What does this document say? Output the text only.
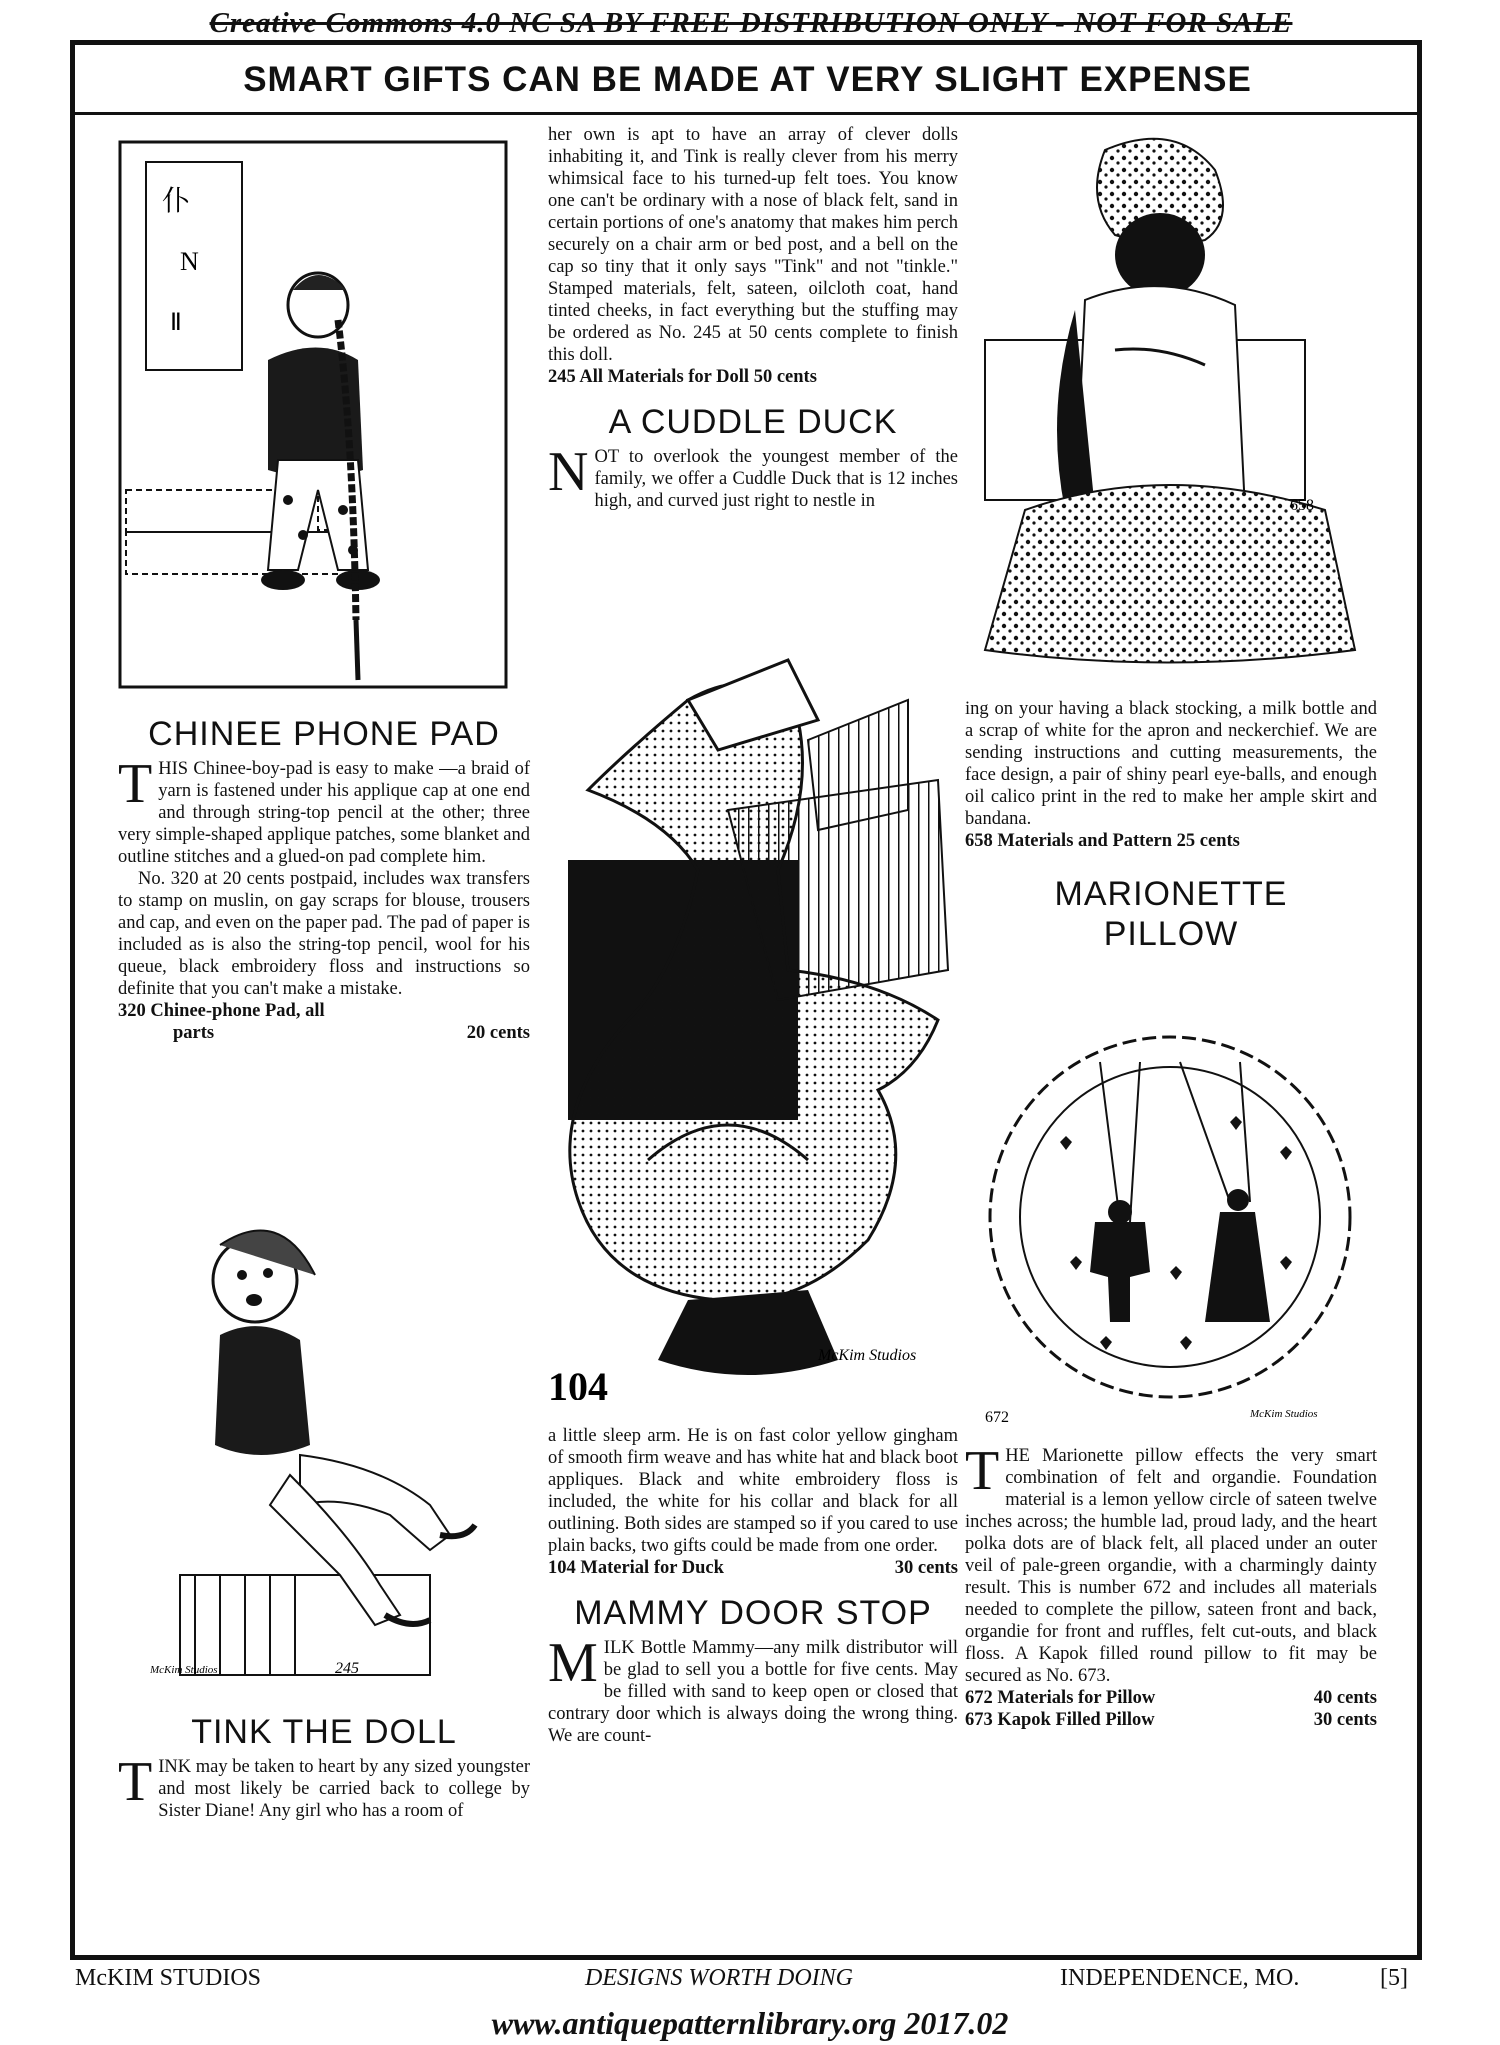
Creative Commons 4.0 NC SA BY FREE DISTRIBUTION ONLY - NOT FOR SALE
SMART GIFTS CAN BE MADE AT VERY SLIGHT EXPENSE
仆
N
Ⅱ
CHINEE PHONE PAD

THIS Chinee-boy-pad is easy to make —a braid of yarn is fastened under his applique cap at one end and through string-top pencil at the other; three very simple-shaped applique patches, some blanket and outline stitches and a glued-on pad complete him.

No. 320 at 20 cents postpaid, includes wax transfers to stamp on muslin, on gay scraps for blouse, trousers and cap, and even on the paper pad. The pad of paper is included as is also the string-top pencil, wool for his queue, black embroidery floss and instructions so definite that you can't make a mistake.

320 Chinee-phone Pad, all
parts	20 cents
McKim Studios	245
TINK THE DOLL

TINK may be taken to heart by any sized youngster and most likely be carried back to college by Sister Diane! Any girl who has a room of

her own is apt to have an array of clever dolls inhabiting it, and Tink is really clever from his merry whimsical face to his turned-up felt toes. You know one can't be ordinary with a nose of black felt, sand in certain portions of one's anatomy that makes him perch securely on a chair arm or bed post, and a bell on the cap so tiny that it only says "Tink" and not "tinkle." Stamped materials, felt, sateen, oilcloth coat, hand tinted cheeks, in fact everything but the stuffing may be ordered as No. 245 at 50 cents complete to finish this doll.
245 All Materials for Doll 50 cents
A CUDDLE DUCK

NOT to overlook the youngest member of the family, we offer a Cuddle Duck that is 12 inches high, and curved just right to nestle in

104
McKim Studios
a little sleep arm. He is on fast color yellow gingham of smooth firm weave and has white hat and black boot appliques. Black and white embroidery floss is included, the white for his collar and black for all outlining. Both sides are stamped so if you cared to use plain backs, two gifts could be made from one order.
104 Material for Duck	30 cents
MAMMY DOOR STOP

MILK Bottle Mammy—any milk distributor will be glad to sell you a bottle for five cents. May be filled with sand to keep open or closed that contrary door which is always doing the wrong thing. We are count-

658
ing on your having a black stocking, a milk bottle and a scrap of white for the apron and neckerchief. We are sending instructions and cutting measurements, the face design, a pair of shiny pearl eye-balls, and enough oil calico print in the red to make her ample skirt and bandana.
658 Materials and Pattern 25 cents
MARIONETTE
PILLOW
672	McKim Studios

THE Marionette pillow effects the very smart combination of felt and organdie. Foundation material is a lemon yellow circle of sateen twelve inches across; the humble lad, proud lady, and the heart polka dots are of black felt, all placed under an outer veil of pale-green organdie, with a charmingly dainty result. This is number 672 and includes all materials needed to complete the pillow, sateen front and back, organdie for front and ruffles, felt cut-outs, and black floss. A Kapok filled round pillow to fit may be secured as No. 673.

672 Materials for Pillow	40 cents
673 Kapok Filled Pillow	30 cents
McKIM STUDIOS	DESIGNS WORTH DOING	INDEPENDENCE, MO.	[5]
www.antiquepatternlibrary.org 2017.02
